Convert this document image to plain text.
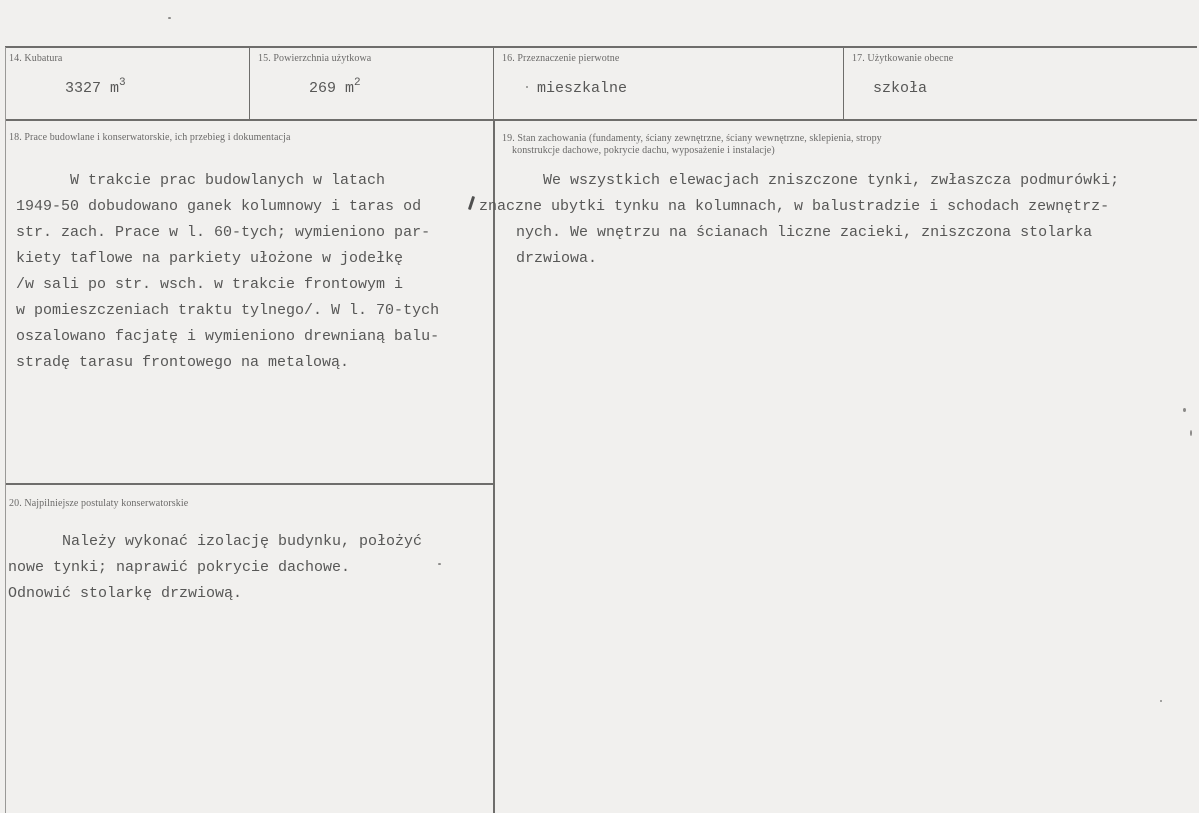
14. Kubatura
3327 $m^3$
15. Powierzchnia użytkowa
269 $m^2$
16. Przeznaczenie pierwotne
mieszkalne
17. Użytkowanie obecne
szkoła
18. Prace budowlane i konserwatorskie, ich przebieg i dokumentacja
W trakcie prac budowlanych w latach
1949-50 dobudowano ganek kolumnowy i taras od
str. zach. Prace w l. 60-tych; wymieniono par-
kiety taflowe na parkiety ułożone w jodełkę
/w sali po str. wsch. w trakcie frontowym i
w pomieszczeniach traktu tylnego/. W l. 70-tych
oszalowano facjatę i wymieniono drewnianą balu-
stradę tarasu frontowego na metalową.
19. Stan zachowania (fundamenty, ściany zewnętrzne, ściany wewnętrzne, sklepienia, stropy
konstrukcje dachowe, pokrycie dachu, wyposażenie i instalacje)
We wszystkich elewacjach zniszczone tynki, zwłaszcza podmurówki;
zn aczne ubytki tynku na kolumnach, w balustradzie i schodach zewnętrz-
nych. We wnętrzu na ścianach liczne zacieki, zniszczona stolarka
drzwiowa.
20. Najpilniejsze postulaty konserwatorskie
Należy wykonać izolację budynku, położyć
nowe tynki; naprawić pokrycie dachowe.
Odnowić stolarkę drzwiową.
